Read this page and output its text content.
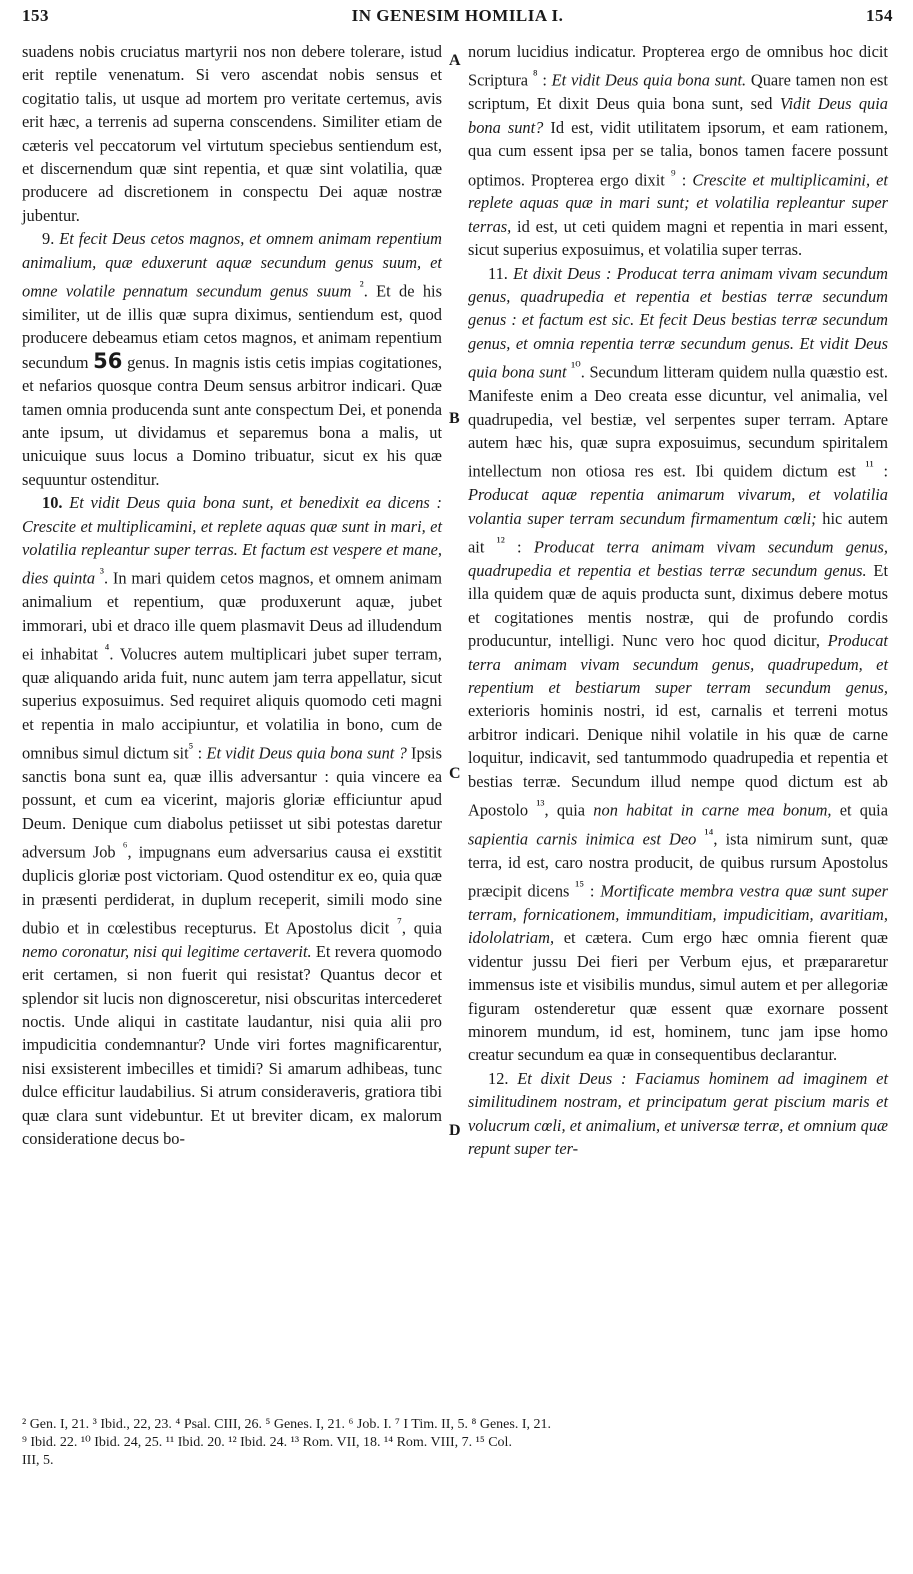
153	IN GENESIM HOMILIA I.	154
A
B
C
D

suadens nobis cruciatus martyrii nos non debere tolerare, istud erit reptile venenatum. Si vero ascendat nobis sensus et cogitatio talis, ut usque ad mortem pro veritate certemus, avis erit hæc, a terrenis ad superna conscendens. Similiter etiam de cæteris vel peccatorum vel virtutum speciebus sentiendum est, et discernendum quæ sint repentia, et quæ sint volatilia, quæ producere ad discretionem in conspectu Dei aquæ nostræ jubentur.

9. Et fecit Deus cetos magnos, et omnem animam repentium animalium, quæ eduxerunt aquæ secundum genus suum, et omne volatile pennatum secundum genus suum $^{^2}$. Et de his similiter, ut de illis quæ supra diximus, sentiendum est, quod producere debeamus etiam cetos magnos, et animam repentium secundum 56 genus. In magnis istis cetis impias cogitationes, et nefarios quosque contra Deum sensus arbitror indicari. Quæ tamen omnia producenda sunt ante conspectum Dei, et ponenda ante ipsum, ut dividamus et separemus bona a malis, ut unicuique suus locus a Domino tribuatur, sicut ex his quæ sequuntur ostenditur.

10. Et vidit Deus quia bona sunt, et benedixit ea dicens : Crescite et multiplicamini, et replete aquas quæ sunt in mari, et volatilia repleantur super terras. Et factum est vespere et mane, dies quinta $^{^3}$. In mari quidem cetos magnos, et omnem animam animalium et repentium, quæ produxerunt aquæ, jubet immorari, ubi et draco ille quem plasmavit Deus ad illudendum ei inhabitat $^{^4}$. Volucres autem multiplicari jubet super terram, quæ aliquando arida fuit, nunc autem jam terra appellatur, sicut superius exposuimus. Sed requiret aliquis quomodo ceti magni et repentia in malo accipiuntur, et volatilia in bono, cum de omnibus simul dictum sit$^{^5}$ : Et vidit Deus quia bona sunt ? Ipsis sanctis bona sunt ea, quæ illis adversantur : quia vincere ea possunt, et cum ea vicerint, majoris gloriæ efficiuntur apud Deum. Denique cum diabolus petiisset ut sibi potestas daretur adversum Job $^{^6}$, impugnans eum adversarius causa ei exstitit duplicis gloriæ post victoriam. Quod ostenditur ex eo, quia quæ in præsenti perdiderat, in duplum receperit, simili modo sine dubio et in cœlestibus recepturus. Et Apostolus dicit $^{^7}$, quia nemo coronatur, nisi qui legitime certaverit. Et revera quomodo erit certamen, si non fuerit qui resistat? Quantus decor et splendor sit lucis non dignosceretur, nisi obscuritas intercederet noctis. Unde aliqui in castitate laudantur, nisi quia alii pro impudicitia condemnantur? Unde viri fortes magnificarentur, nisi exsisterent imbecilles et timidi? Si amarum adhibeas, tunc dulce efficitur laudabilius. Si atrum consideraveris, gratiora tibi quæ clara sunt videbuntur. Et ut breviter dicam, ex malorum consideratione decus bo-

norum lucidius indicatur. Propterea ergo de omnibus hoc dicit Scriptura $^{^8}$ : Et vidit Deus quia bona sunt. Quare tamen non est scriptum, Et dixit Deus quia bona sunt, sed Vidit Deus quia bona sunt? Id est, vidit utilitatem ipsorum, et eam rationem, qua cum essent ipsa per se talia, bonos tamen facere possunt optimos. Propterea ergo dixit $^{^9}$ : Crescite et multiplicamini, et replete aquas quæ in mari sunt; et volatilia repleantur super terras, id est, ut ceti quidem magni et repentia in mari essent, sicut superius exposuimus, et volatilia super terras.

11. Et dixit Deus : Producat terra animam vivam secundum genus, quadrupedia et repentia et bestias terræ secundum genus : et factum est sic. Et fecit Deus bestias terræ secundum genus, et omnia repentia terræ secundum genus. Et vidit Deus quia bona sunt $^{^{10}}$. Secundum litteram quidem nulla quæstio est. Manifeste enim a Deo creata esse dicuntur, vel animalia, vel quadrupedia, vel bestiæ, vel serpentes super terram. Aptare autem hæc his, quæ supra exposuimus, secundum spiritalem intellectum non otiosa res est. Ibi quidem dictum est $^{^{11}}$ : Producat aquæ repentia animarum vivarum, et volatilia volantia super terram secundum firmamentum cœli; hic autem ait $^{^{12}}$ : Producat terra animam vivam secundum genus, quadrupedia et repentia et bestias terræ secundum genus. Et illa quidem quæ de aquis producta sunt, diximus debere motus et cogitationes mentis nostræ, qui de profundo cordis producuntur, intelligi. Nunc vero hoc quod dicitur, Producat terra animam vivam secundum genus, quadrupedum, et repentium et bestiarum super terram secundum genus, exterioris hominis nostri, id est, carnalis et terreni motus arbitror indicari. Denique nihil volatile in his quæ de carne loquitur, indicavit, sed tantummodo quadrupedia et repentia et bestias terræ. Secundum illud nempe quod dictum est ab Apostolo $^{^{13}}$, quia non habitat in carne mea bonum, et quia sapientia carnis inimica est Deo $^{^{14}}$, ista nimirum sunt, quæ terra, id est, caro nostra producit, de quibus rursum Apostolus præcipit dicens $^{^{15}}$ : Mortificate membra vestra quæ sunt super terram, fornicationem, immunditiam, impudicitiam, avaritiam, idololatriam, et cætera. Cum ergo hæc omnia fierent quæ videntur jussu Dei fieri per Verbum ejus, et præpararetur immensus iste et visibilis mundus, simul autem et per allegoriæ figuram ostenderetur quæ essent quæ exornare possent minorem mundum, id est, hominem, tunc jam ipse homo creatur secundum ea quæ in consequentibus declarantur.

12. Et dixit Deus : Faciamus hominem ad imaginem et similitudinem nostram, et principatum gerat piscium maris et volucrum cœli, et animalium, et universæ terræ, et omnium quæ repunt super ter-

² Gen. I, 21. ³ Ibid., 22, 23. ⁴ Psal. CIII, 26. ⁵ Genes. I, 21. ⁶ Job. I. ⁷ I Tim. II, 5. ⁸ Genes. I, 21.
⁹ Ibid. 22. ¹⁰ Ibid. 24, 25. ¹¹ Ibid. 20. ¹² Ibid. 24. ¹³ Rom. VII, 18. ¹⁴ Rom. VIII, 7. ¹⁵ Col.
III, 5.
